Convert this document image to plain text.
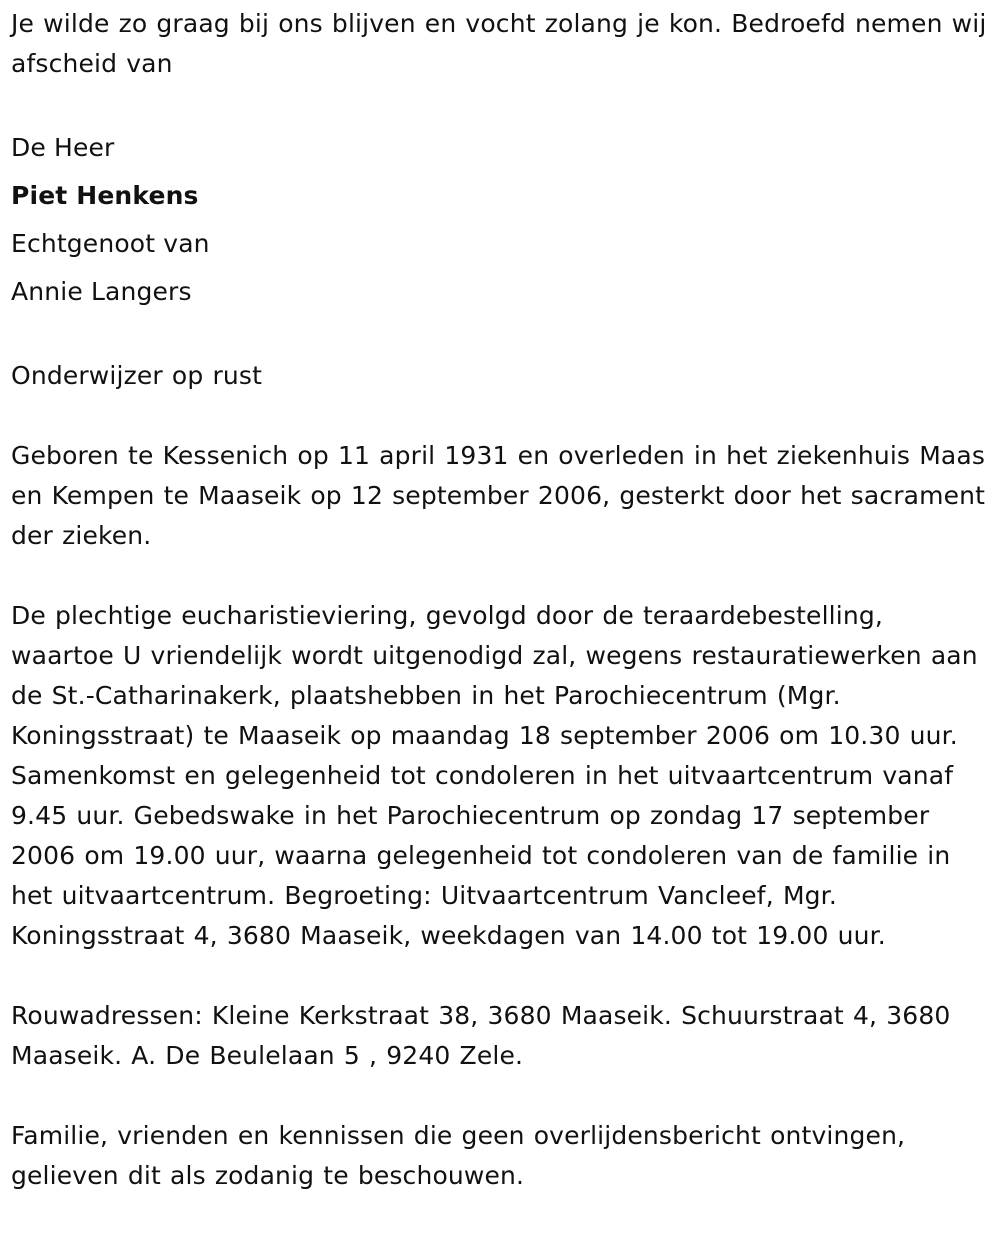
Je wilde zo graag bij ons blijven en vocht zolang je kon. Bedroefd nemen wij afscheid van

De Heer
Piet Henkens
Echtgenoot van
Annie Langers

Onderwijzer op rust

Geboren te Kessenich op 11 april 1931 en overleden in het ziekenhuis Maas en Kempen te Maaseik op 12 september 2006, gesterkt door het sacrament der zieken.

De plechtige eucharistieviering, gevolgd door de teraardebestelling, waartoe U vriendelijk wordt uitgenodigd zal, wegens restauratiewerken aan de St.-Catharinakerk, plaatshebben in het Parochiecentrum (Mgr. Koningsstraat) te Maaseik op maandag 18 september 2006 om 10.30 uur. Samenkomst en gelegenheid tot condoleren in het uitvaartcentrum vanaf 9.45 uur. Gebedswake in het Parochiecentrum op zondag 17 september 2006 om 19.00 uur, waarna gelegenheid tot condoleren van de familie in het uitvaartcentrum. Begroeting: Uitvaartcentrum Vancleef, Mgr. Koningsstraat 4, 3680 Maaseik, weekdagen van 14.00 tot 19.00 uur.

Rouwadressen: Kleine Kerkstraat 38, 3680 Maaseik. Schuurstraat 4, 3680 Maaseik. A. De Beulelaan 5 , 9240 Zele.

Familie, vrienden en kennissen die geen overlijdensbericht ontvingen, gelieven dit als zodanig te beschouwen.
